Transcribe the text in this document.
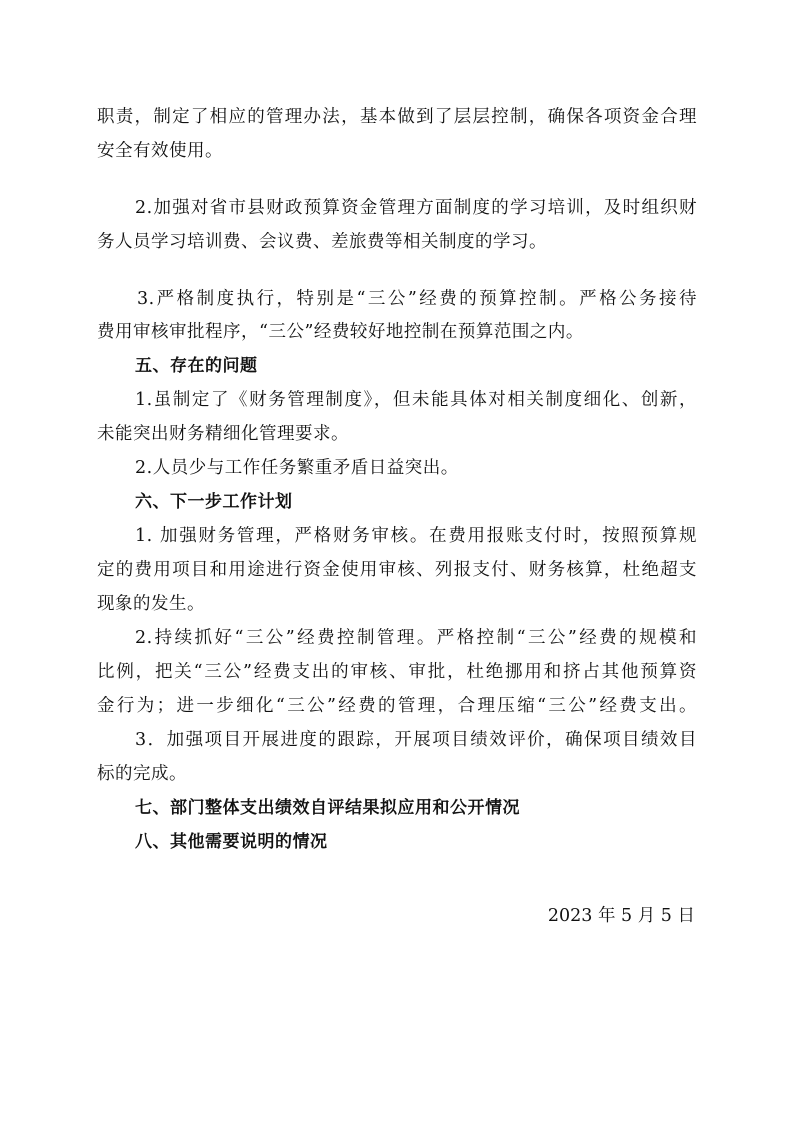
职责，制定了相应的管理办法，基本做到了层层控制，确保各项资金合理
安全有效使用。
2.加强对省市县财政预算资金管理方面制度的学习培训，及时组织财
务人员学习培训费、会议费、差旅费等相关制度的学习。
3.严格制度执行，特别是“三公”经费的预算控制。严格公务接待
费用审核审批程序，“三公”经费较好地控制在预算范围之内。
五、存在的问题
1.虽制定了《财务管理制度》，但未能具体对相关制度细化、创新，
未能突出财务精细化管理要求。
2.人员少与工作任务繁重矛盾日益突出。
六、下一步工作计划
1. 加强财务管理，严格财务审核。在费用报账支付时，按照预算规
定的费用项目和用途进行资金使用审核、列报支付、财务核算，杜绝超支
现象的发生。
2.持续抓好“三公”经费控制管理。严格控制“三公”经费的规模和
比例，把关“三公”经费支出的审核、审批，杜绝挪用和挤占其他预算资
金行为；进一步细化“三公”经费的管理，合理压缩“三公”经费支出。
3．加强项目开展进度的跟踪，开展项目绩效评价，确保项目绩效目
标的完成。
七、部门整体支出绩效自评结果拟应用和公开情况
八、其他需要说明的情况
2023 年 5 月 5 日
